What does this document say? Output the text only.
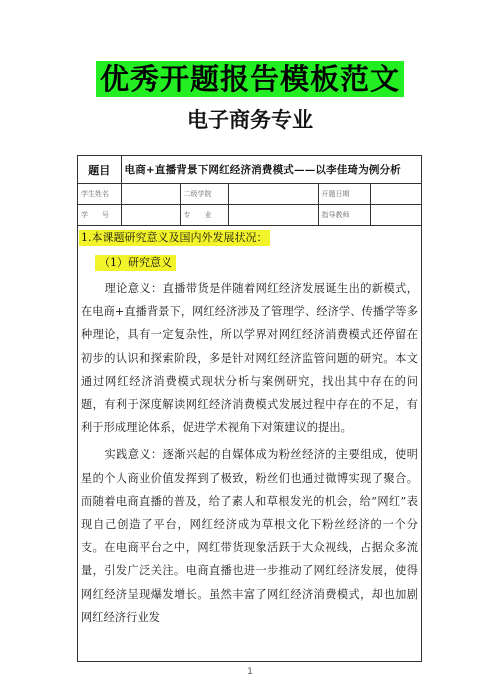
优秀开题报告模板范文
电子商务专业
题目	电商+直播背景下网红经济消费模式——以李佳琦为例分析				
学生姓名		二级学院		开题日期	
学　　号		专　　业		指导教师	
1.本课题研究意义及国内外发展状况：
（1）研究意义

理论意义：直播带货是伴随着网红经济发展诞生出的新模式，在电商+直播背景下，网红经济涉及了管理学、经济学、传播学等多种理论，具有一定复杂性，所以学界对网红经济消费模式还停留在初步的认识和探索阶段，多是针对网红经济监管问题的研究。本文通过网红经济消费模式现状分析与案例研究，找出其中存在的问题，有利于深度解读网红经济消费模式发展过程中存在的不足，有利于形成理论体系，促进学术视角下对策建议的提出。

实践意义：逐渐兴起的自媒体成为粉丝经济的主要组成，使明星的个人商业价值发挥到了极致，粉丝们也通过微博实现了聚合。而随着电商直播的普及，给了素人和草根发光的机会，给“网红”表现自己创造了平台，网红经济成为草根文化下粉丝经济的一个分支。在电商平台之中，网红带货现象活跃于大众视线，占据众多流量，引发广泛关注。电商直播也进一步推动了网红经济发展，使得网红经济呈现爆发增长。虽然丰富了网红经济消费模式，却也加剧网红经济行业发

1
